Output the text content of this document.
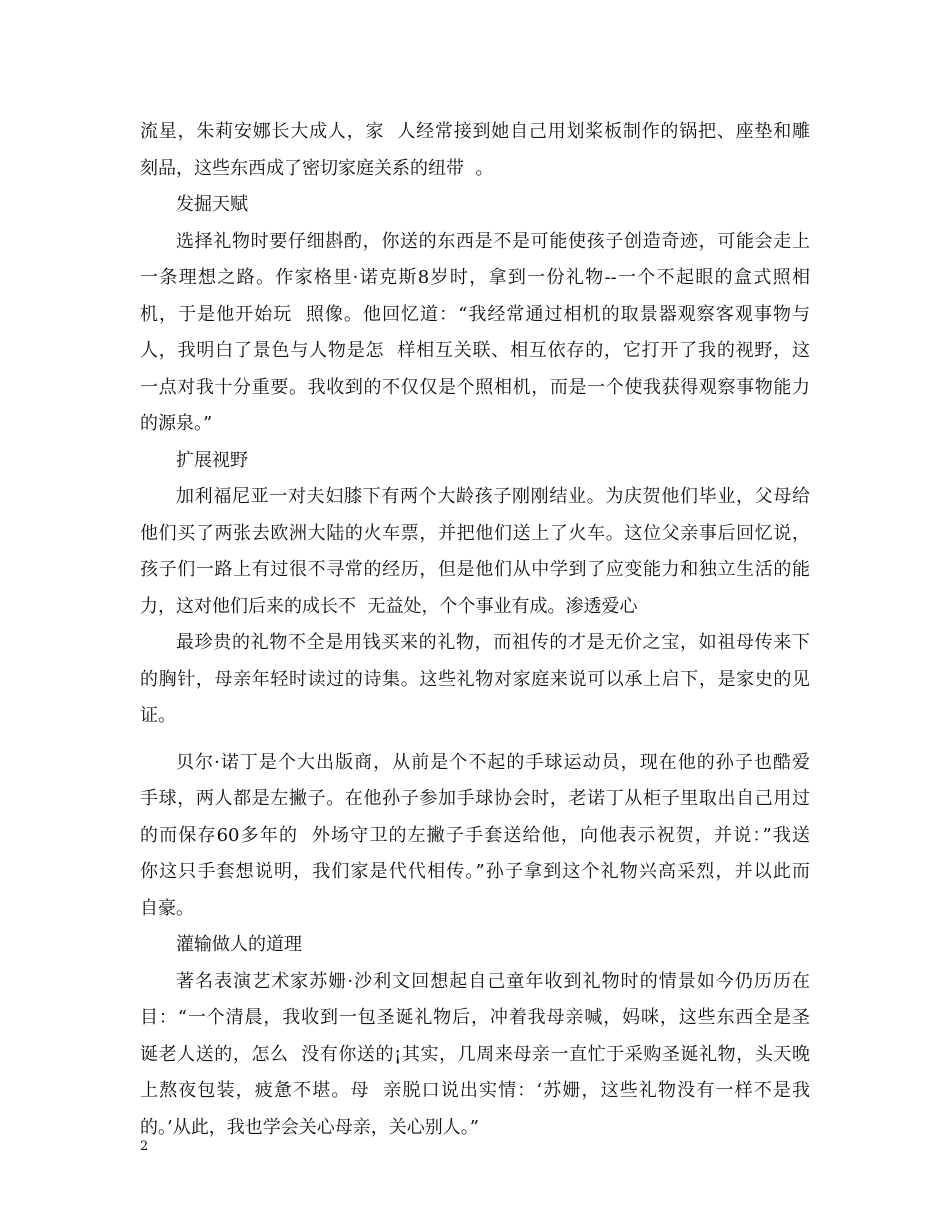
流星，朱莉安娜长大成人，家  人经常接到她自己用划桨板制作的锅把、座垫和雕
刻品，这些东西成了密切家庭关系的纽带  。
发掘天赋
选择礼物时要仔细斟酌，你送的东西是不是可能使孩子创造奇迹，可能会走上
一条理想之路。作家格里·诺克斯8岁时，拿到一份礼物--一个不起眼的盒式照相
机，于是他开始玩  照像。他回忆道：“我经常通过相机的取景器观察客观事物与
人，我明白了景色与人物是怎  样相互关联、相互依存的，它打开了我的视野，这
一点对我十分重要。我收到的不仅仅是个照相机，而是一个使我获得观察事物能力
的源泉。”
扩展视野
加利福尼亚一对夫妇膝下有两个大龄孩子刚刚结业。为庆贺他们毕业，父母给
他们买了两张去欧洲大陆的火车票，并把他们送上了火车。这位父亲事后回忆说，
孩子们一路上有过很不寻常的经历，但是他们从中学到了应变能力和独立生活的能
力，这对他们后来的成长不  无益处，个个事业有成。渗透爱心
最珍贵的礼物不全是用钱买来的礼物，而祖传的才是无价之宝，如祖母传来下
的胸针，母亲年轻时读过的诗集。这些礼物对家庭来说可以承上启下，是家史的见
证。
贝尔·诺丁是个大出版商，从前是个不起的手球运动员，现在他的孙子也酷爱
手球，两人都是左撇子。在他孙子参加手球协会时，老诺丁从柜子里取出自己用过
的而保存60多年的  外场守卫的左撇子手套送给他，向他表示祝贺，并说：”我送
你这只手套想说明，我们家是代代相传。”孙子拿到这个礼物兴高采烈，并以此而
自豪。
灌输做人的道理
著名表演艺术家苏姗·沙利文回想起自己童年收到礼物时的情景如今仍历历在
目：“一个清晨，我收到一包圣诞礼物后，冲着我母亲喊，妈咪，这些东西全是圣
诞老人送的，怎么  没有你送的¡其实，几周来母亲一直忙于采购圣诞礼物，头天晚
上熬夜包装，疲惫不堪。母  亲脱口说出实情：‘苏姗，这些礼物没有一样不是我
的。’从此，我也学会关心母亲，关心别人。”
2
